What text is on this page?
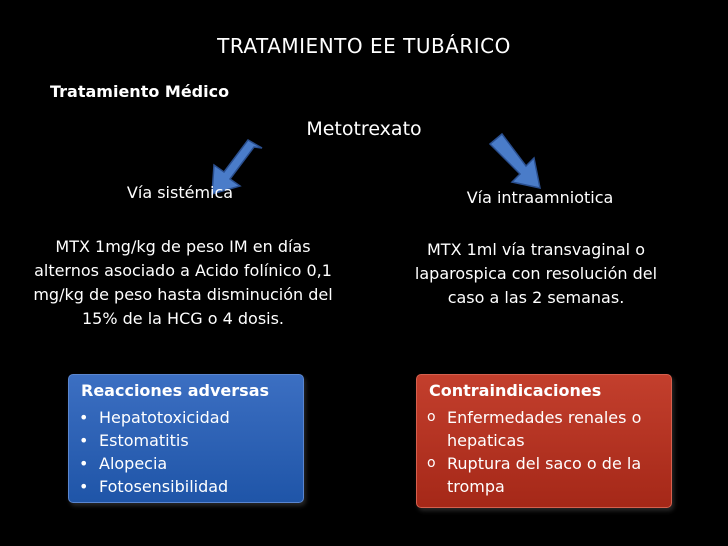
TRATAMIENTO EE TUBÁRICO
Tratamiento Médico
Metotrexato
Vía sistémica	Vía intraamniotica
MTX 1mg/kg de peso IM en días alternos asociado a Acido folínico 0,1 mg/kg de peso hasta disminución del 15% de la HCG o 4 dosis.
MTX 1ml vía transvaginal o laparospica con resolución del caso a las 2 semanas.
Reacciones adversas
• Hepatotoxicidad
• Estomatitis
• Alopecia
• Fotosensibilidad
Contraindicaciones
o Enfermedades renales o hepaticas
o Ruptura del saco o de la trompa
